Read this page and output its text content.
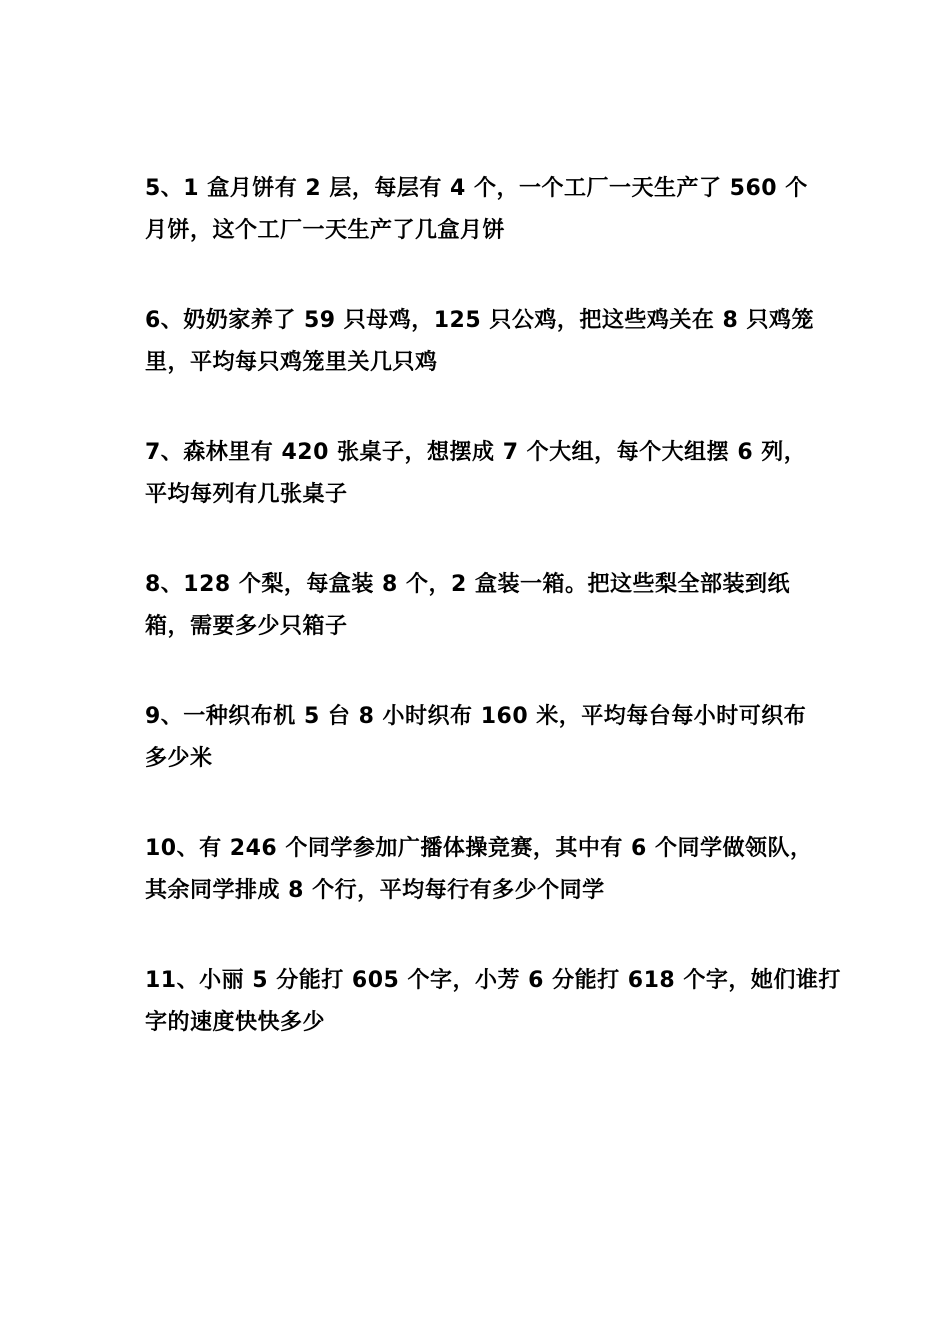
5、1 盒月饼有 2 层，每层有 4 个，一个工厂一天生产了 560 个
月饼，这个工厂一天生产了几盒月饼
6、奶奶家养了 59 只母鸡，125 只公鸡，把这些鸡关在 8 只鸡笼
里，平均每只鸡笼里关几只鸡
7、森林里有 420 张桌子，想摆成 7 个大组，每个大组摆 6 列，
平均每列有几张桌子
8、128 个梨，每盒装 8 个，2 盒装一箱。把这些梨全部装到纸
箱，需要多少只箱子
9、一种织布机 5 台 8 小时织布 160 米，平均每台每小时可织布
多少米
10、有 246 个同学参加广播体操竞赛，其中有 6 个同学做领队，
其余同学排成 8 个行，平均每行有多少个同学
11、小丽 5 分能打 605 个字，小芳 6 分能打 618 个字，她们谁打
字的速度快快多少
